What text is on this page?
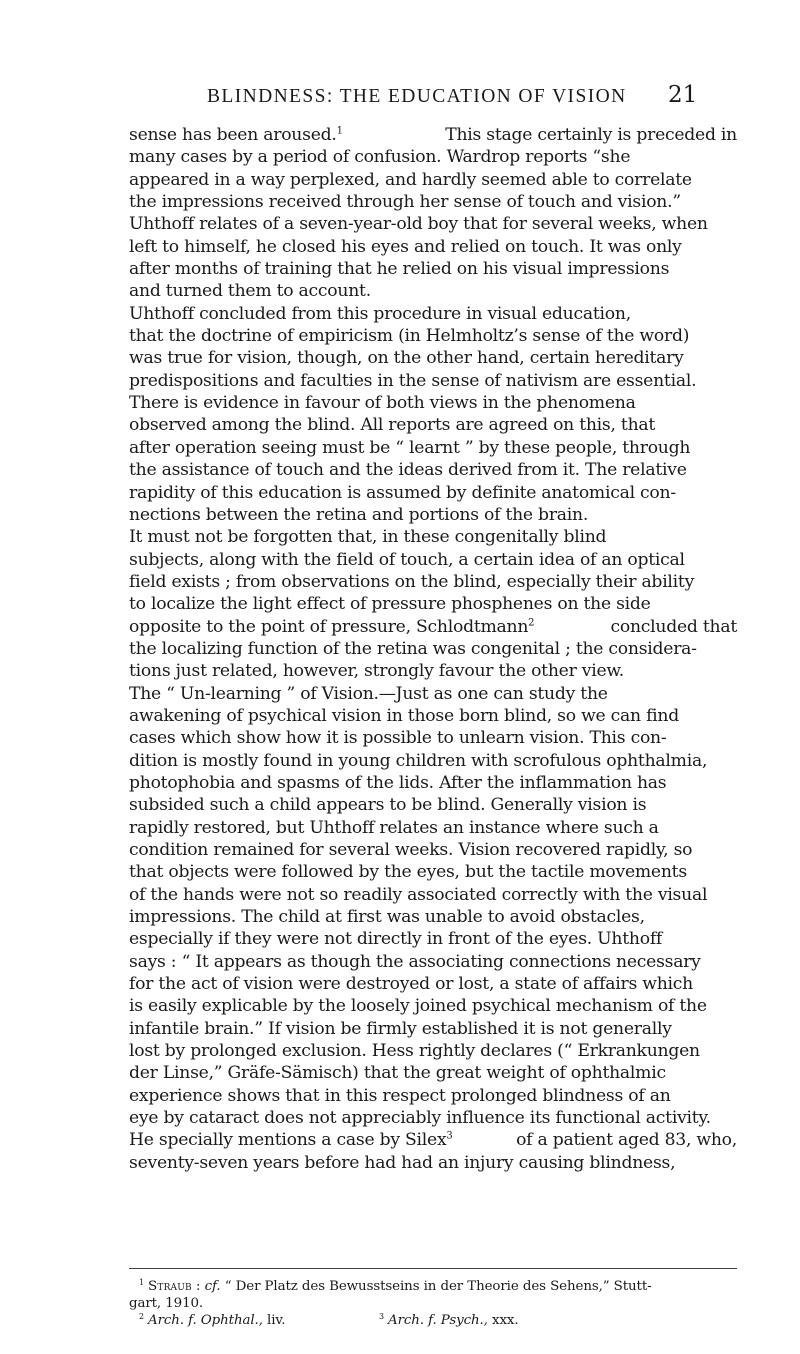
BLINDNESS: THE EDUCATION OF VISION 21
sense has been aroused.$^1$	This stage certainly is preceded in
many cases by a period of confusion. Wardrop reports “she
appeared in a way perplexed, and hardly seemed able to correlate
the impressions received through her sense of touch and vision.”
Uhthoff relates of a seven-year-old boy that for several weeks, when
left to himself, he closed his eyes and relied on touch. It was only
after months of training that he relied on his visual impressions
and turned them to account.
Uhthoff concluded from this procedure in visual education,
that the doctrine of empiricism (in Helmholtz’s sense of the word)
was true for vision, though, on the other hand, certain hereditary
predispositions and faculties in the sense of nativism are essential.
There is evidence in favour of both views in the phenomena
observed among the blind. All reports are agreed on this, that
after operation seeing must be “ learnt ” by these people, through
the assistance of touch and the ideas derived from it. The relative
rapidity of this education is assumed by definite anatomical con-
nections between the retina and portions of the brain.
It must not be forgotten that, in these congenitally blind
subjects, along with the field of touch, a certain idea of an optical
field exists ; from observations on the blind, especially their ability
to localize the light effect of pressure phosphenes on the side
opposite to the point of pressure, Schlodtmann$^2$	concluded that
the localizing function of the retina was congenital ; the considera-
tions just related, however, strongly favour the other view.
The “ Un-learning ” of Vision.—Just as one can study the
awakening of psychical vision in those born blind, so we can find
cases which show how it is possible to unlearn vision. This con-
dition is mostly found in young children with scrofulous ophthalmia,
photophobia and spasms of the lids. After the inflammation has
subsided such a child appears to be blind. Generally vision is
rapidly restored, but Uhthoff relates an instance where such a
condition remained for several weeks. Vision recovered rapidly, so
that objects were followed by the eyes, but the tactile movements
of the hands were not so readily associated correctly with the visual
impressions. The child at first was unable to avoid obstacles,
especially if they were not directly in front of the eyes. Uhthoff
says : “ It appears as though the associating connections necessary
for the act of vision were destroyed or lost, a state of affairs which
is easily explicable by the loosely joined psychical mechanism of the
infantile brain.” If vision be firmly established it is not generally
lost by prolonged exclusion. Hess rightly declares (“ Erkrankungen
der Linse,” Gräfe-Sämisch) that the great weight of ophthalmic
experience shows that in this respect prolonged blindness of an
eye by cataract does not appreciably influence its functional activity.
He specially mentions a case by Silex$^3$	of a patient aged 83, who,
seventy-seven years before had had an injury causing blindness,
$^1$ Straub : cf. “ Der Platz des Bewusstseins in der Theorie des Sehens,” Stutt-
gart, 1910.
$^2$ Arch. f. Ophthal., liv.	$^3$ Arch. f. Psych., xxx.
